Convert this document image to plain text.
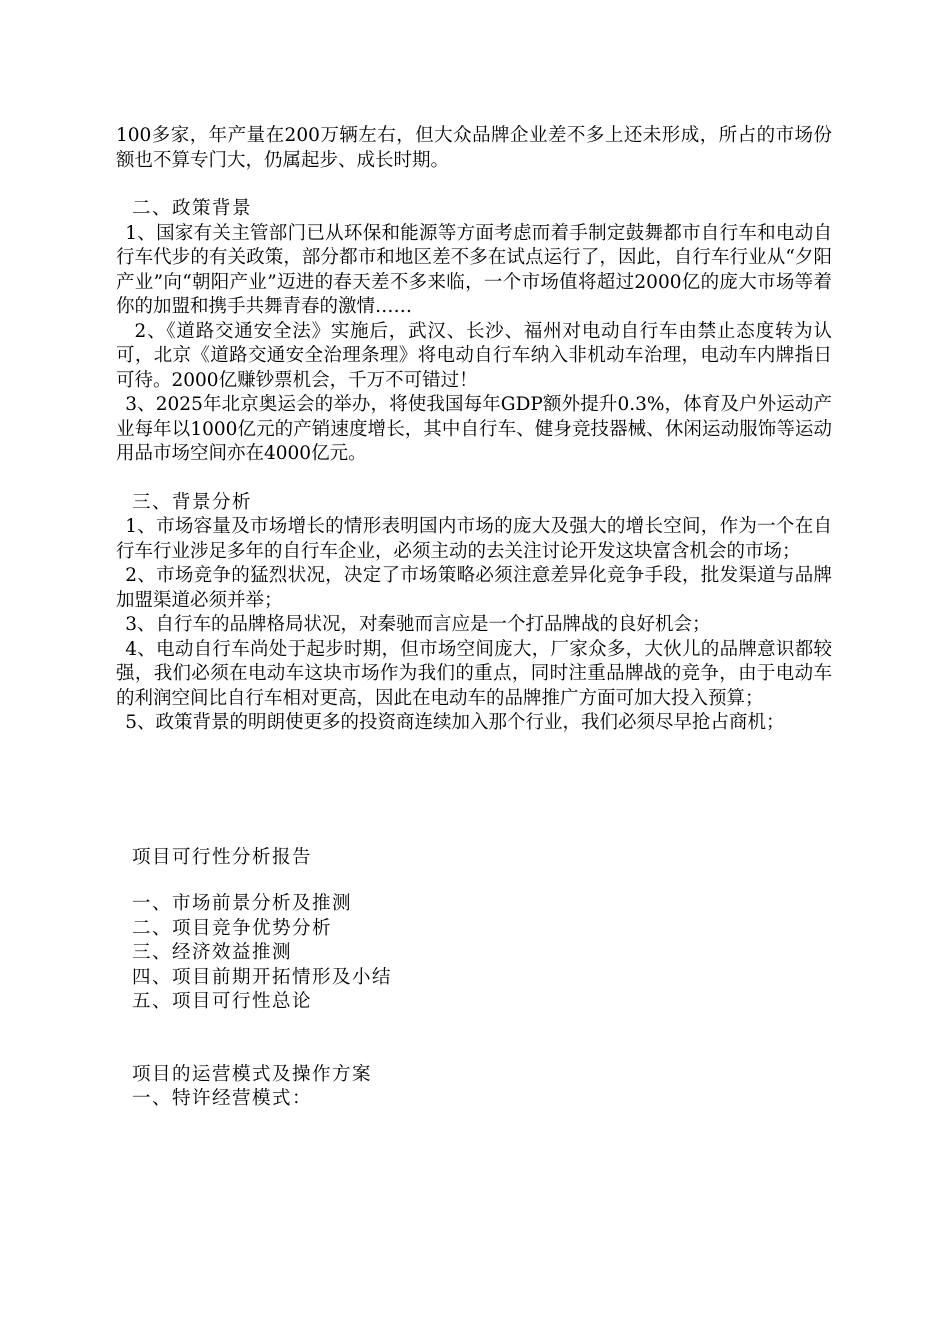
100多家，年产量在200万辆左右，但大众品牌企业差不多上还未形成，所占的市场份额也不算专门大，仍属起步、成长时期。

二、政策背景

1、国家有关主管部门已从环保和能源等方面考虑而着手制定鼓舞都市自行车和电动自行车代步的有关政策，部分都市和地区差不多在试点运行了，因此，自行车行业从“夕阳产业”向“朝阳产业”迈进的春天差不多来临，一个市场值将超过2000亿的庞大市场等着你的加盟和携手共舞青春的激情……

2、《道路交通安全法》实施后，武汉、长沙、福州对电动自行车由禁止态度转为认可，北京《道路交通安全治理条理》将电动自行车纳入非机动车治理，电动车内牌指日可待。2000亿赚钞票机会，千万不可错过！

3、2025年北京奥运会的举办，将使我国每年GDP额外提升0.3%，体育及户外运动产业每年以1000亿元的产销速度增长，其中自行车、健身竞技器械、休闲运动服饰等运动用品市场空间亦在4000亿元。

三、背景分析

1、市场容量及市场增长的情形表明国内市场的庞大及强大的增长空间，作为一个在自行车行业涉足多年的自行车企业，必须主动的去关注讨论开发这块富含机会的市场；

2、市场竞争的猛烈状况，决定了市场策略必须注意差异化竞争手段，批发渠道与品牌加盟渠道必须并举；

3、自行车的品牌格局状况，对秦驰而言应是一个打品牌战的良好机会；

4、电动自行车尚处于起步时期，但市场空间庞大，厂家众多，大伙儿的品牌意识都较强，我们必须在电动车这块市场作为我们的重点，同时注重品牌战的竞争，由于电动车的利润空间比自行车相对更高，因此在电动车的品牌推广方面可加大投入预算；

5、政策背景的明朗使更多的投资商连续加入那个行业，我们必须尽早抢占商机；

项目可行性分析报告

一、市场前景分析及推测

二、项目竞争优势分析

三、经济效益推测

四、项目前期开拓情形及小结

五、项目可行性总论

项目的运营模式及操作方案

一、特许经营模式：
